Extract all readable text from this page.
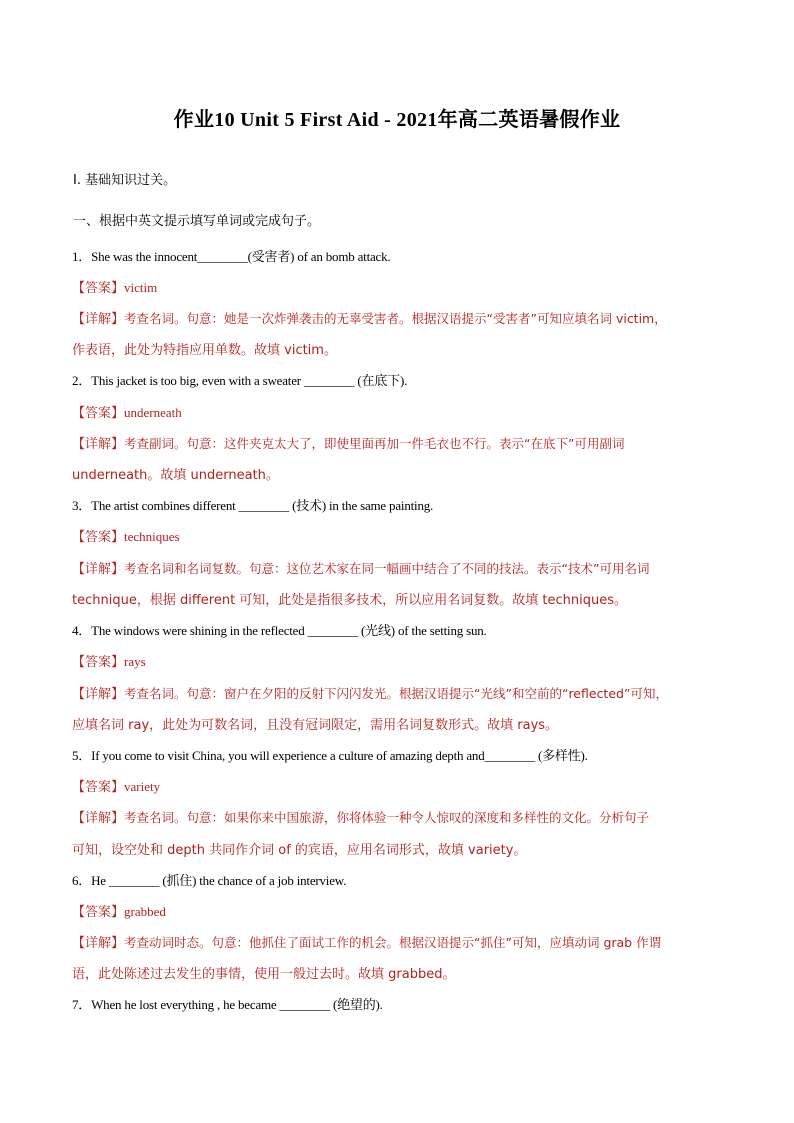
作业10 Unit 5 First Aid - 2021年高二英语暑假作业
I. 基础知识过关。
一、根据中英文提示填写单词或完成句子。
1．She was the innocent________(受害者) of an bomb attack.
【答案】victim
【详解】考查名词。句意：她是一次炸弹袭击的无辜受害者。根据汉语提示“受害者”可知应填名词 victim，
作表语，此处为特指应用单数。故填 victim。
2．This jacket is too big, even with a sweater ________ (在底下).
【答案】underneath
【详解】考查副词。句意：这件夹克太大了，即使里面再加一件毛衣也不行。表示“在底下”可用副词
underneath。故填 underneath。
3．The artist combines different ________ (技术) in the same painting.
【答案】techniques
【详解】考查名词和名词复数。句意：这位艺术家在同一幅画中结合了不同的技法。表示“技术”可用名词
technique，根据 different 可知，此处是指很多技术，所以应用名词复数。故填 techniques。
4．The windows were shining in the reflected ________ (光线) of the setting sun.
【答案】rays
【详解】考查名词。句意：窗户在夕阳的反射下闪闪发光。根据汉语提示“光线”和空前的“reflected”可知，
应填名词 ray，此处为可数名词，且没有冠词限定，需用名词复数形式。故填 rays。
5．If you come to visit China, you will experience a culture of amazing depth and________ (多样性).
【答案】variety
【详解】考查名词。句意：如果你来中国旅游，你将体验一种令人惊叹的深度和多样性的文化。分析句子
可知，设空处和 depth 共同作介词 of 的宾语，应用名词形式，故填 variety。
6．He ________ (抓住) the chance of a job interview.
【答案】grabbed
【详解】考查动词时态。句意：他抓住了面试工作的机会。根据汉语提示“抓住”可知，应填动词 grab 作谓
语，此处陈述过去发生的事情，使用一般过去时。故填 grabbed。
7．When he lost everything , he became ________ (绝望的).
